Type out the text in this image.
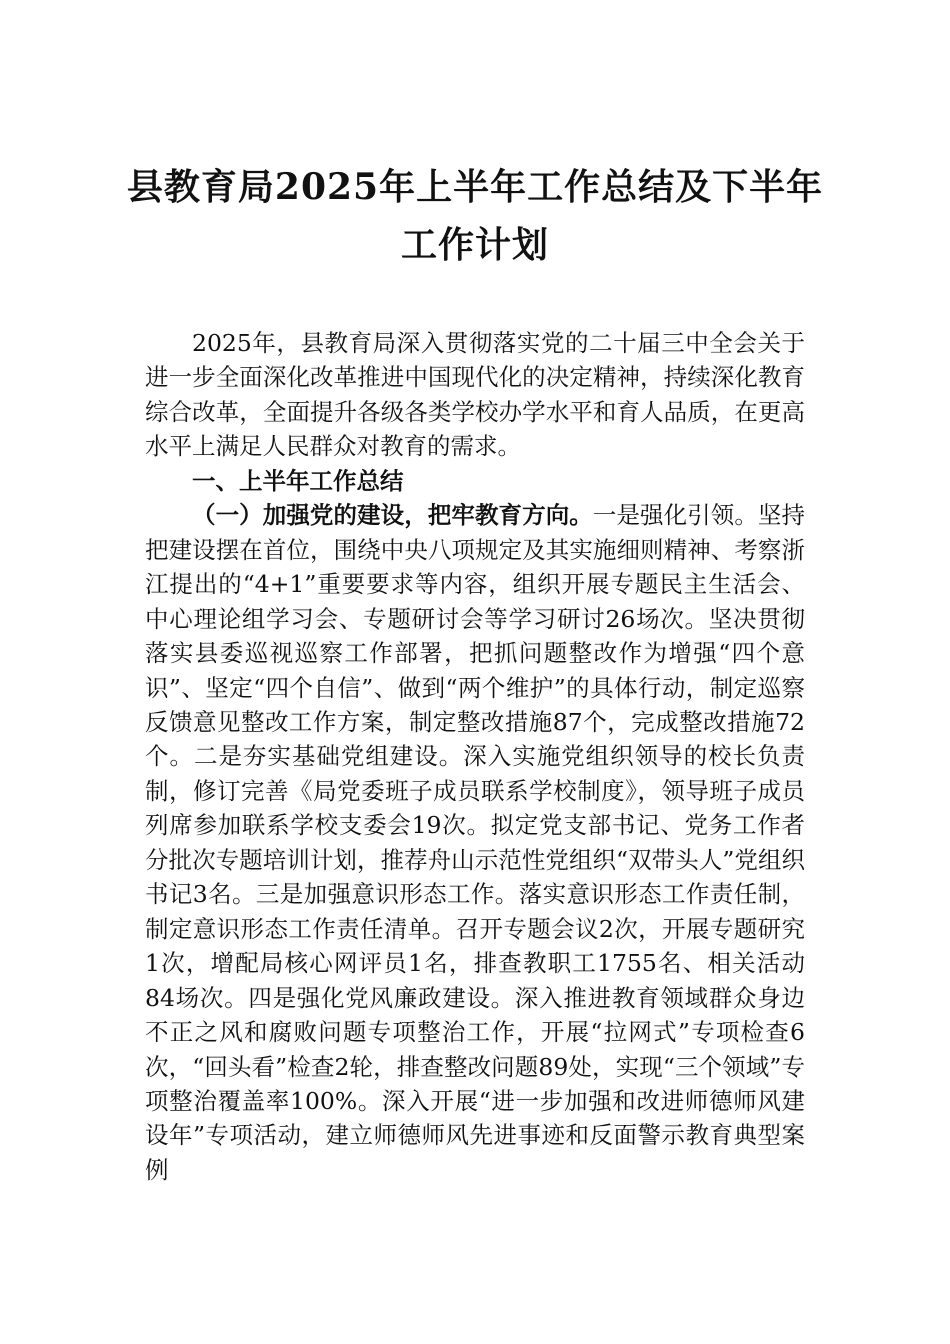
县教育局2025年上半年工作总结及下半年
工作计划

2025年，县教育局深入贯彻落实党的二十届三中全会关于进一步全面深化改革推进中国现代化的决定精神，持续深化教育综合改革，全面提升各级各类学校办学水平和育人品质，在更高水平上满足人民群众对教育的需求。

一、上半年工作总结

（一）加强党的建设，把牢教育方向。一是强化引领。坚持把建设摆在首位，围绕中央八项规定及其实施细则精神、考察浙江提出的“4+1”重要要求等内容，组织开展专题民主生活会、中心理论组学习会、专题研讨会等学习研讨26场次。坚决贯彻落实县委巡视巡察工作部署，把抓问题整改作为增强“四个意识”、坚定“四个自信”、做到“两个维护”的具体行动，制定巡察反馈意见整改工作方案，制定整改措施87个，完成整改措施72个。二是夯实基础党组建设。深入实施党组织领导的校长负责制，修订完善《局党委班子成员联系学校制度》，领导班子成员列席参加联系学校支委会19次。拟定党支部书记、党务工作者分批次专题培训计划，推荐舟山示范性党组织“双带头人”党组织书记3名。三是加强意识形态工作。落实意识形态工作责任制，制定意识形态工作责任清单。召开专题会议2次，开展专题研究1次，增配局核心网评员1名，排查教职工1755名、相关活动84场次。四是强化党风廉政建设。深入推进教育领域群众身边不正之风和腐败问题专项整治工作，开展“拉网式”专项检查6次，“回头看”检查2轮，排查整改问题89处，实现“三个领域”专项整治覆盖率100%。深入开展“进一步加强和改进师德师风建设年”专项活动，建立师德师风先进事迹和反面警示教育典型案例
